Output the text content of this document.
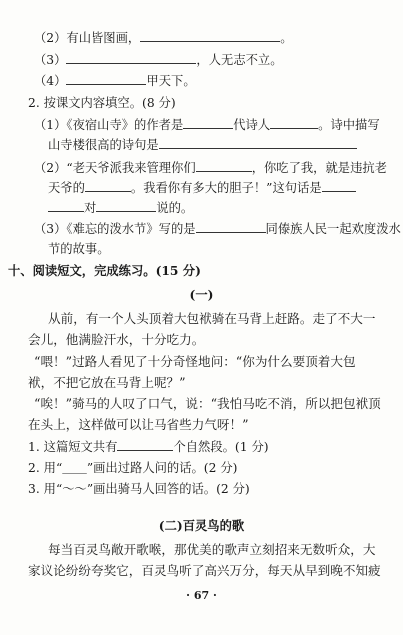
（2）有山皆图画，	。
（3）	，人无志不立。
（4）	甲天下。
2. 按课文内容填空。(8 分)
（1）《夜宿山寺》的作者是	代诗人	。诗中描写
山寺楼很高的诗句是
（2）“老天爷派我来管理你们	，你吃了我，就是违抗老
天爷的	。我看你有多大的胆子！”这句话是
对	说的。
（3）《难忘的泼水节》写的是	同傣族人民一起欢度泼水
节的故事。
十、阅读短文，完成练习。(15 分)
(一)
从前，有一个人头顶着大包袱骑在马背上赶路。走了不大一
会儿，他满脸汗水，十分吃力。
“喂！”过路人看见了十分奇怪地问：“你为什么要顶着大包
袱，不把它放在马背上呢？”
“唉！”骑马的人叹了口气，说：“我怕马吃不消，所以把包袱顶
在头上，这样做可以让马省些力气呀！”
1. 这篇短文共有	个自然段。(1 分)
2. 用“＿＿”画出过路人问的话。(2 分)
3. 用“～～”画出骑马人回答的话。(2 分)
(二)百灵鸟的歌
每当百灵鸟敞开歌喉，那优美的歌声立刻招来无数听众，大
家议论纷纷夸奖它，百灵鸟听了高兴万分，每天从早到晚不知疲
· 67 ·
